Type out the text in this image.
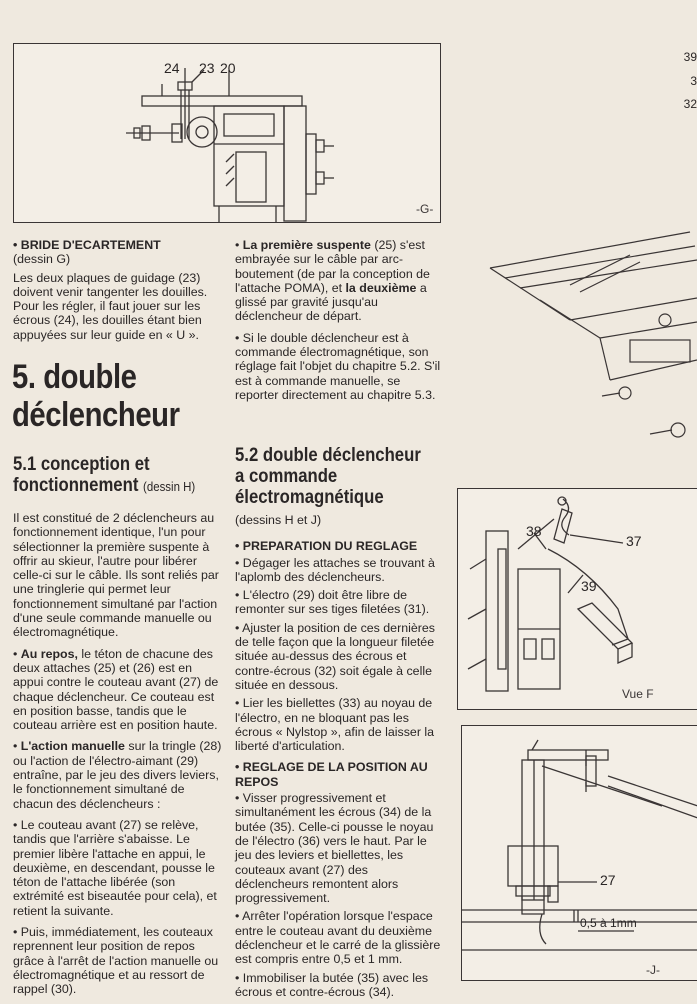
24 23 20
-G-
39
3
32
• BRIDE D'ECARTEMENT

(dessin G)

Les deux plaques de guidage (23) doivent venir tangenter les douilles. Pour les régler, il faut jouer sur les écrous (24), les douilles étant bien appuyées sur leur guide en « U ».

5. double
déclencheur
5.1 conception et
fonctionnement (dessin H)

Il est constitué de 2 déclencheurs au fonctionnement identique, l'un pour sélectionner la première suspente à offrir au skieur, l'autre pour libérer celle-ci sur le câble. Ils sont reliés par une tringlerie qui permet leur fonctionnement simultané par l'action d'une seule commande manuelle ou électromagnétique.

• Au repos, le téton de chacune des deux attaches (25) et (26) est en appui contre le couteau avant (27) de chaque déclencheur. Ce couteau est en position basse, tandis que le couteau arrière est en position haute.

• L'action manuelle sur la tringle (28) ou l'action de l'électro-aimant (29) entraîne, par le jeu des divers leviers, le fonctionnement simultané de chacun des déclencheurs :

• Le couteau avant (27) se relève, tandis que l'arrière s'abaisse. Le premier libère l'attache en appui, le deuxième, en descendant, pousse le téton de l'attache libérée (son extrémité est biseautée pour cela), et retient la suivante.

• Puis, immédiatement, les couteaux reprennent leur position de repos grâce à l'arrêt de l'action manuelle ou électromagnétique et au ressort de rappel (30).

• La première suspente (25) s'est embrayée sur le câble par arc-boutement (de par la conception de l'attache POMA), et la deuxième a glissé par gravité jusqu'au déclencheur de départ.

• Si le double déclencheur est à commande électromagnétique, son réglage fait l'objet du chapitre 5.2. S'il est à commande manuelle, se reporter directement au chapitre 5.3.

5.2 double déclencheur
a commande
électromagnétique

(dessins H et J)

• PREPARATION DU REGLAGE

• Dégager les attaches se trouvant à l'aplomb des déclencheurs.

• L'électro (29) doit être libre de remonter sur ses tiges filetées (31).

• Ajuster la position de ces dernières de telle façon que la longueur filetée située au-dessus des écrous et contre-écrous (32) soit égale à celle située en dessous.

• Lier les biellettes (33) au noyau de l'électro, en ne bloquant pas les écrous « Nylstop », afin de laisser la liberté d'articulation.

• REGLAGE DE LA POSITION AU REPOS

• Visser progressivement et simultanément les écrous (34) de la butée (35). Celle-ci pousse le noyau de l'électro (36) vers le haut. Par le jeu des leviers et biellettes, les couteaux avant (27) des déclencheurs remontent alors progressivement.

• Arrêter l'opération lorsque l'espace entre le couteau avant du deuxième déclencheur et le carré de la glissière est compris entre 0,5 et 1 mm.

• Immobiliser la butée (35) avec les écrous et contre-écrous (34).

38
37
39
Vue F
27
0,5 à 1mm
-J-
